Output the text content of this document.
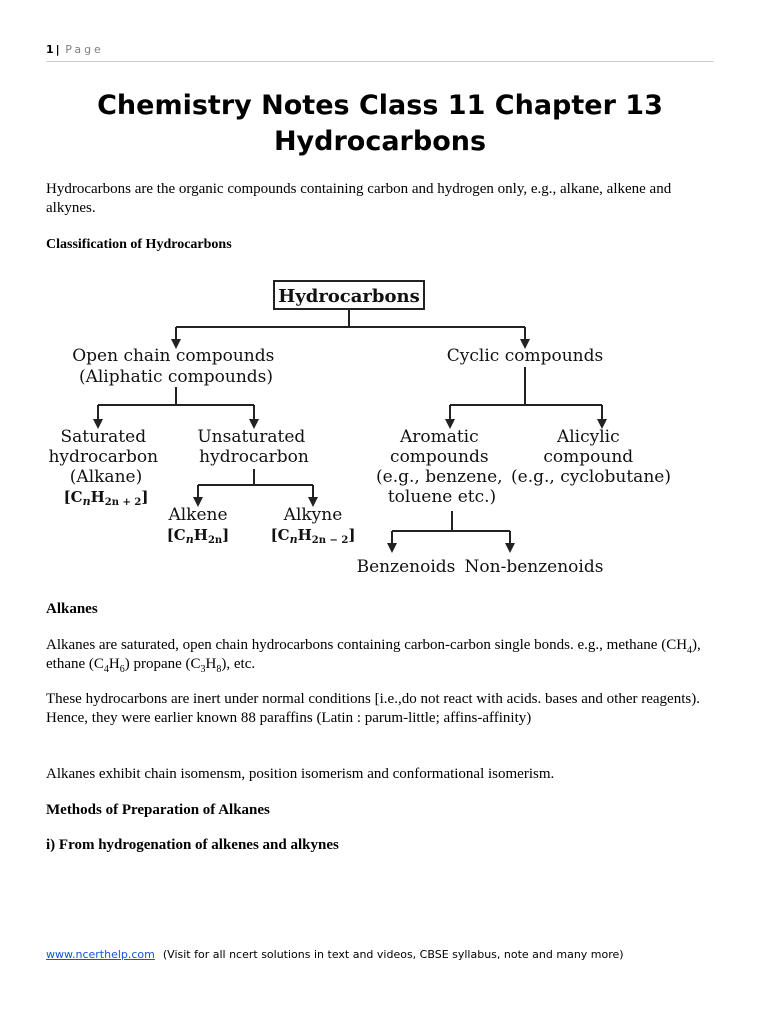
1 | Page
Chemistry Notes Class 11 Chapter 13
Hydrocarbons

Hydrocarbons are the organic compounds containing carbon and hydrogen only, e.g., alkane, alkene and alkynes.

Classification of Hydrocarbons

Hydrocarbons
Open chain compounds (Aliphatic compounds)
Cyclic compounds
Saturated hydrocarbon (Alkane)
$[C_nH_{2n + 2}]$
Unsaturated hydrocarbon
Aromatic compounds (e.g., benzene, toluene etc.)
Alicylic compound (e.g., cyclobutane)
Alkene
$[C_nH_{2n}]$
Alkyne
$[C_nH_{2n - 2}]$
Benzenoids Non-benzenoids

Alkanes

Alkanes are saturated, open chain hydrocarbons containing carbon-carbon single bonds. e.g., methane $(CH_4)$, ethane $(C_4H_6)$ propane $(C_3H_8)$, etc.

These hydrocarbons are inert under normal conditions [i.e.,do not react with acids. bases and other reagents). Hence, they were earlier known 88 paraffins (Latin : parum-little; affins-affinity)

Alkanes exhibit chain isomensm, position isomerism and conformational isomerism.

Methods of Preparation of Alkanes

i) From hydrogenation of alkenes and alkynes

www.ncerthelp.com (Visit for all ncert solutions in text and videos, CBSE syllabus, note and many more)
